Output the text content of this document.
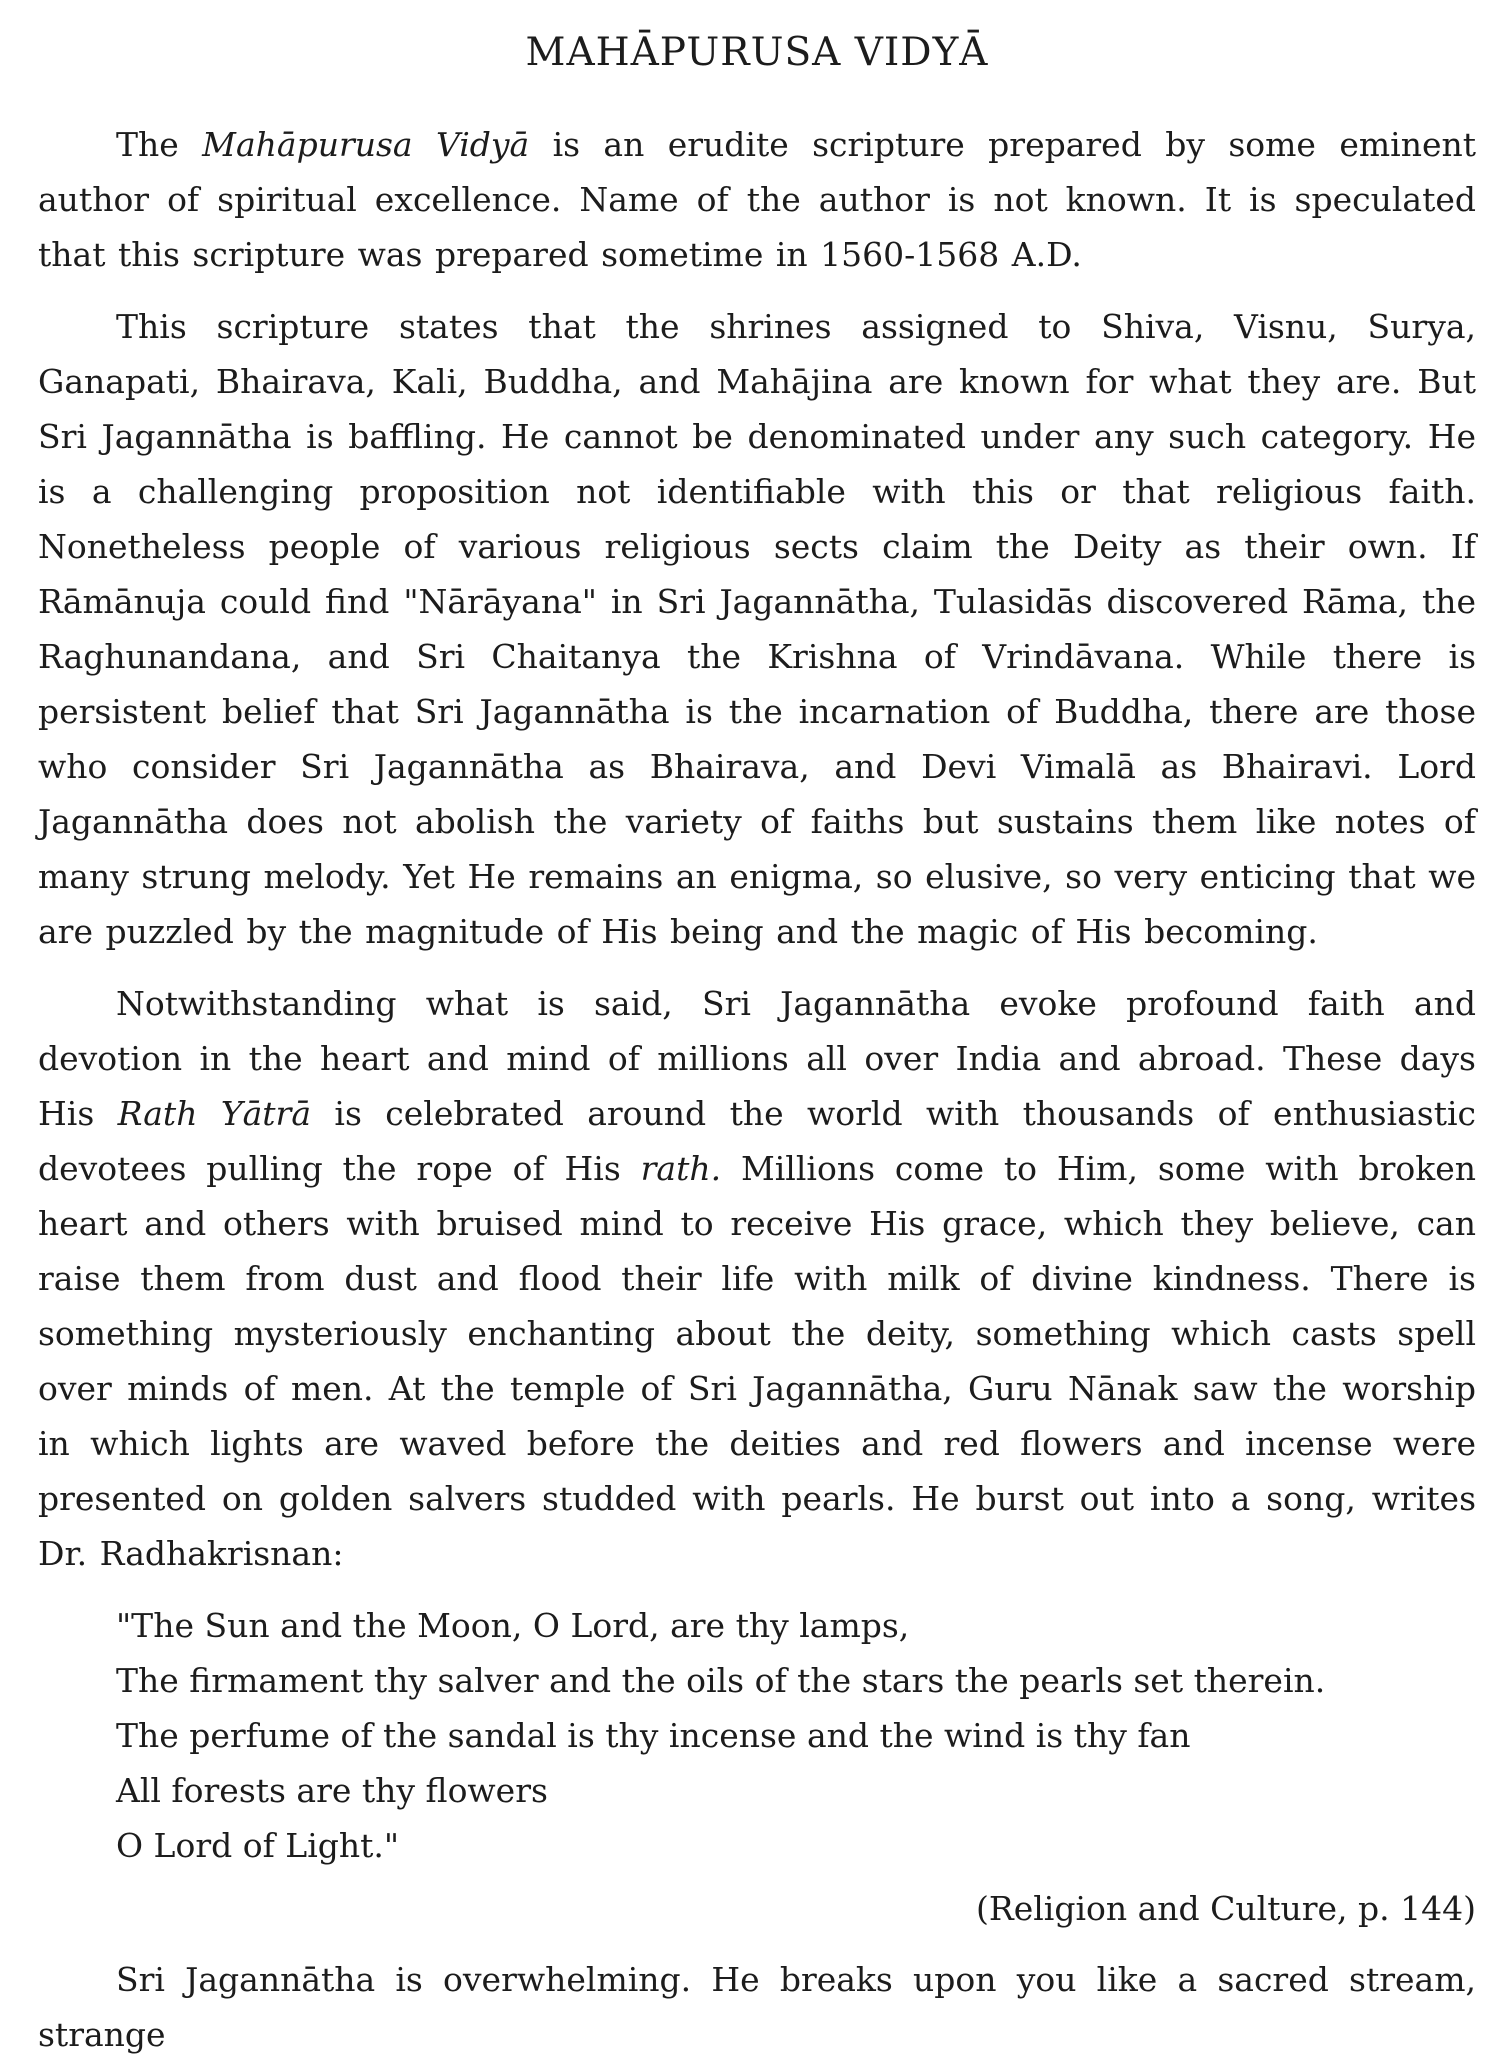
MAHĀPURUSA VIDYĀ

The Mahāpurusa Vidyā is an erudite scripture prepared by some eminent author of spiritual excellence. Name of the author is not known. It is speculated that this scripture was prepared sometime in 1560-1568 A.D.

This scripture states that the shrines assigned to Shiva, Visnu, Surya, Ganapati, Bhairava, Kali, Buddha, and Mahājina are known for what they are. But Sri Jagannātha is baffling. He cannot be denominated under any such category. He is a challenging proposition not identifiable with this or that religious faith. Nonetheless people of various religious sects claim the Deity as their own. If Rāmānuja could find "Nārāyana" in Sri Jagannātha, Tulasidās discovered Rāma, the Raghunandana, and Sri Chaitanya the Krishna of Vrindāvana. While there is persistent belief that Sri Jagannātha is the incarnation of Buddha, there are those who consider Sri Jagannātha as Bhairava, and Devi Vimalā as Bhairavi. Lord Jagannātha does not abolish the variety of faiths but sustains them like notes of many strung melody. Yet He remains an enigma, so elusive, so very enticing that we are puzzled by the magnitude of His being and the magic of His becoming.

Notwithstanding what is said, Sri Jagannātha evoke profound faith and devotion in the heart and mind of millions all over India and abroad. These days His Rath Yātrā is celebrated around the world with thousands of enthusiastic devotees pulling the rope of His rath. Millions come to Him, some with broken heart and others with bruised mind to receive His grace, which they believe, can raise them from dust and flood their life with milk of divine kindness. There is something mysteriously enchanting about the deity, something which casts spell over minds of men. At the temple of Sri Jagannātha, Guru Nānak saw the worship in which lights are waved before the deities and red flowers and incense were presented on golden salvers studded with pearls. He burst out into a song, writes Dr. Radhakrisnan:

"The Sun and the Moon, O Lord, are thy lamps,
The firmament thy salver and the oils of the stars the pearls set therein.
The perfume of the sandal is thy incense and the wind is thy fan
All forests are thy flowers
O Lord of Light."
(Religion and Culture, p. 144)

Sri Jagannātha is overwhelming. He breaks upon you like a sacred stream, strange
